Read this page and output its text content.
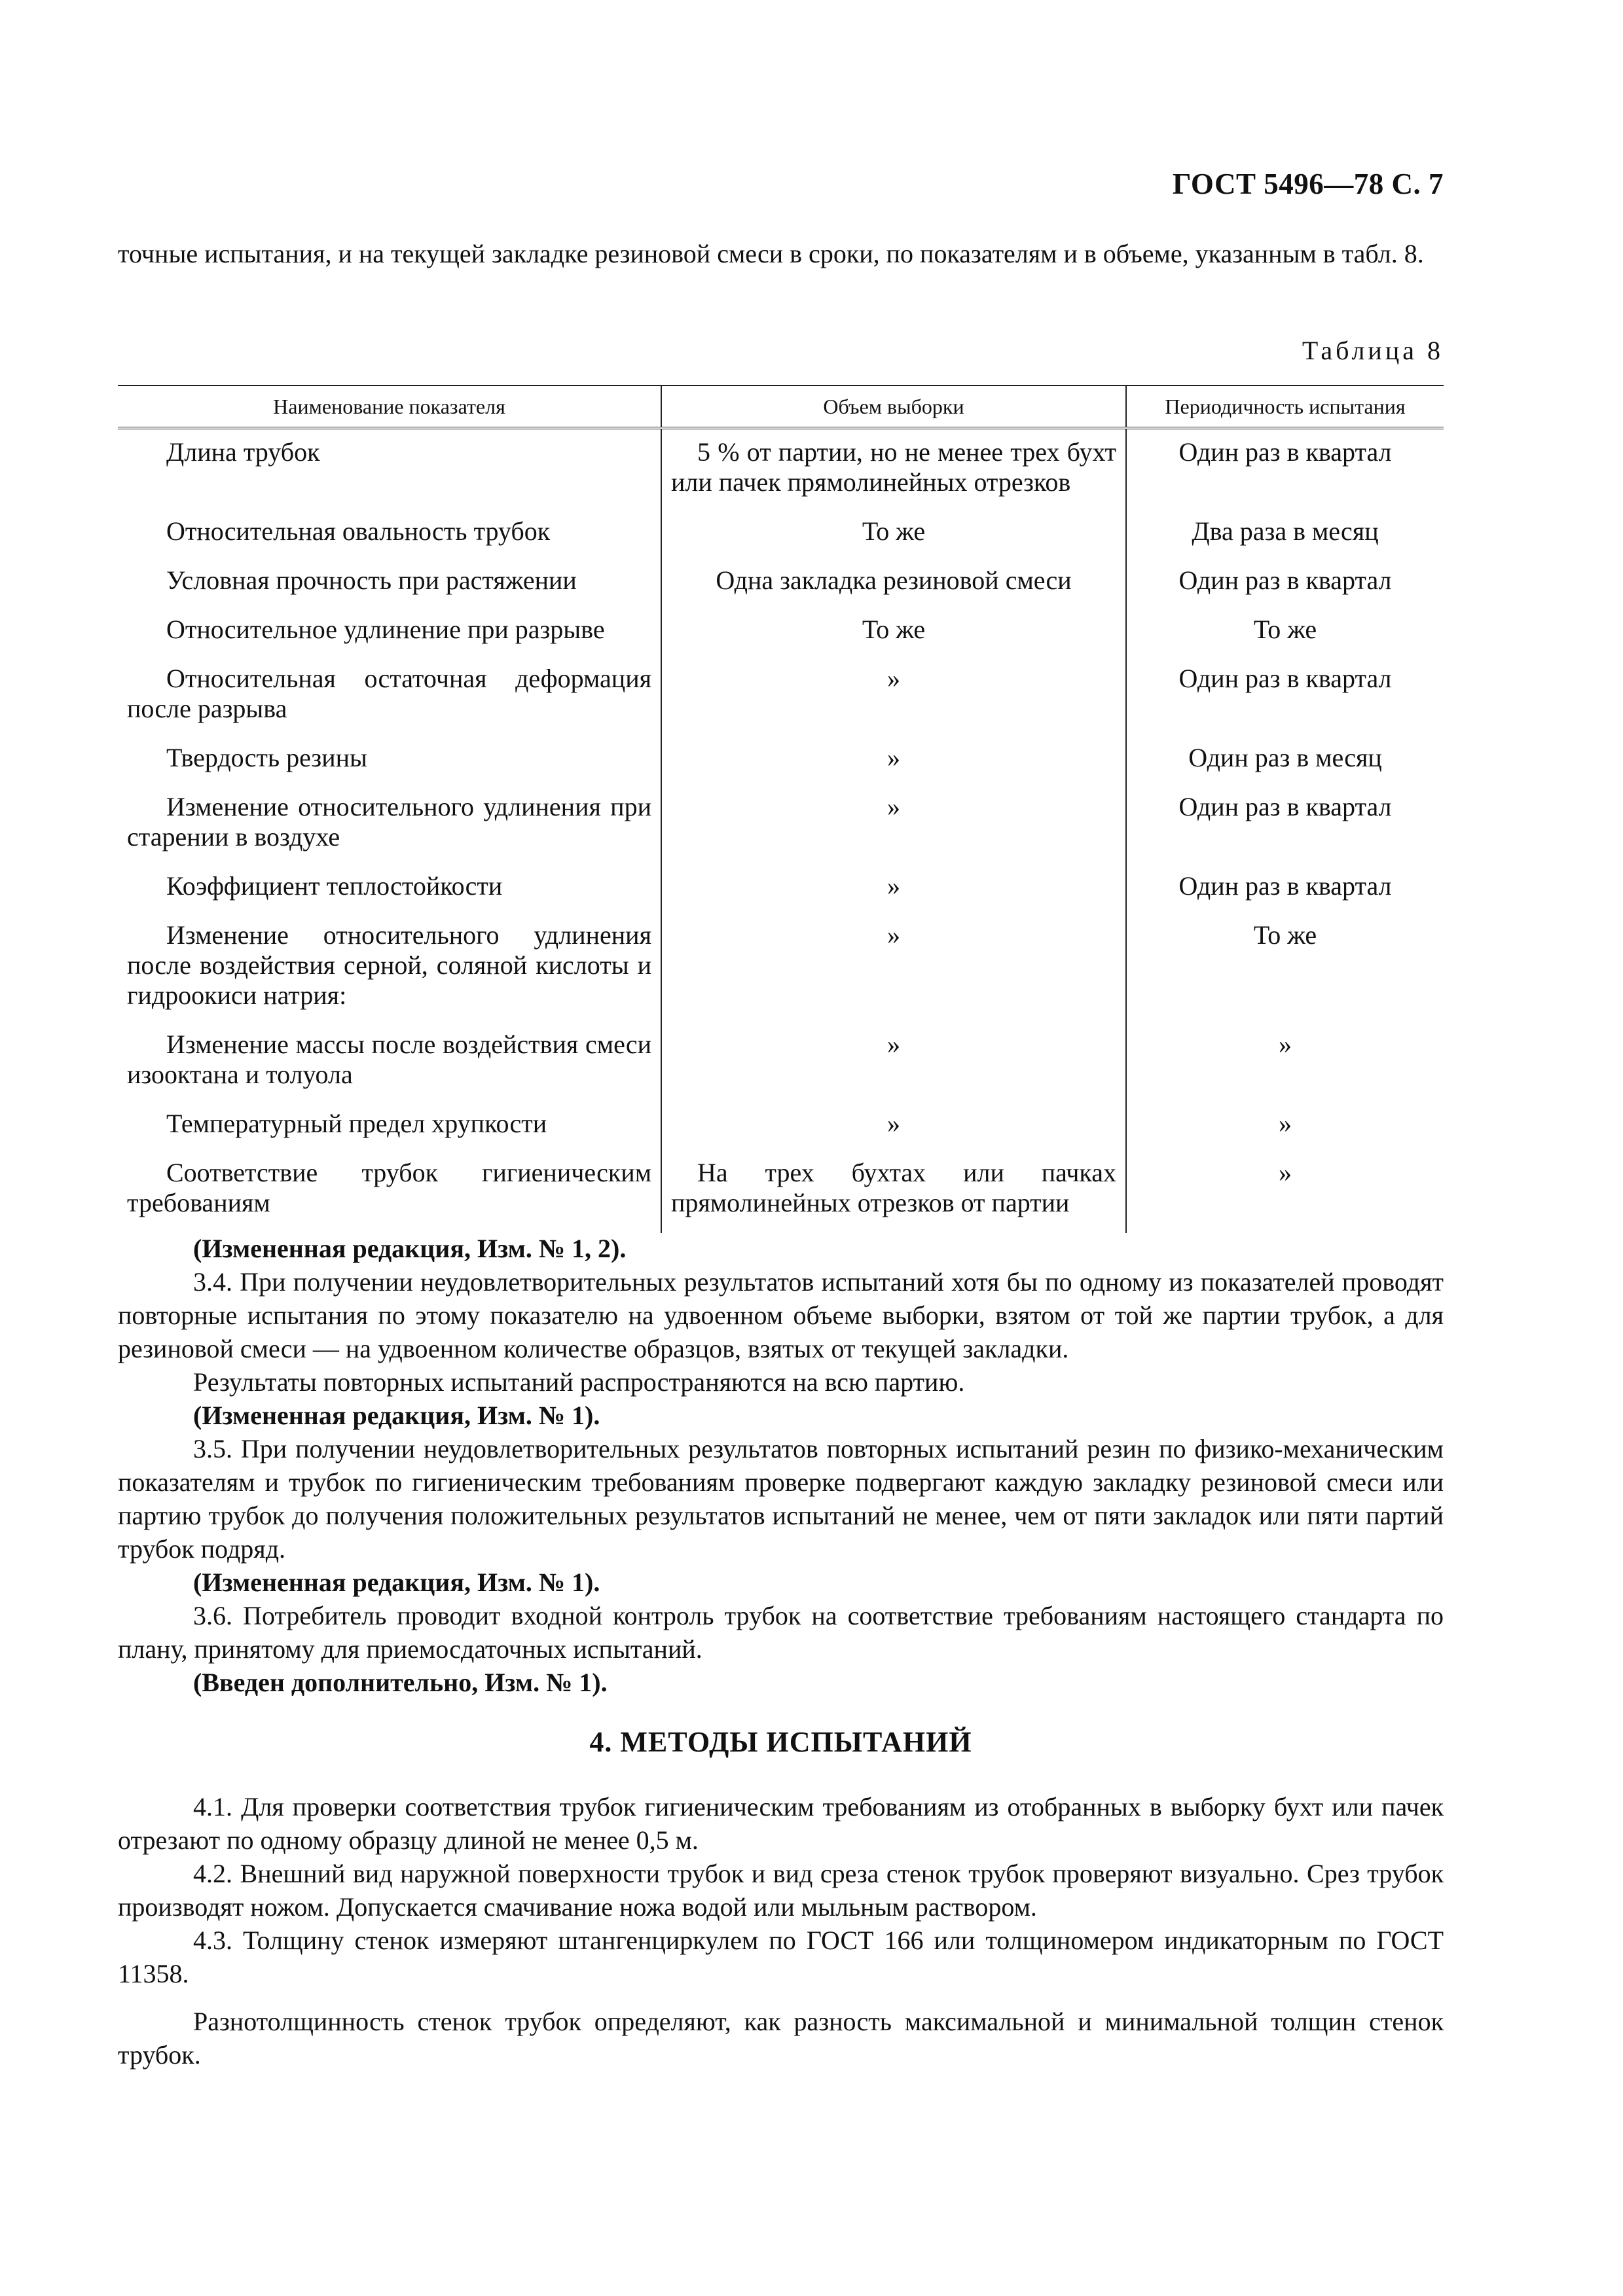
ГОСТ 5496—78 С. 7

точные испытания, и на текущей закладке резиновой смеси в сроки, по показателям и в объеме, указанным в табл. 8.

Таблица 8
Наименование показателя	Объем выборки	Периодичность испытания

Длина трубок	5 % от партии, но не менее трех бухт или пачек прямолинейных отрезков	Один раз в квартал

Относительная овальность трубок	То же	Два раза в месяц

Условная прочность при растяжении	Одна закладка резиновой смеси	Один раз в квартал

Относительное удлинение при разрыве	То же	То же

Относительная остаточная деформация после разрыва	»	Один раз в квартал

Твердость резины	»	Один раз в месяц

Изменение относительного удлинения при старении в воздухе	»	Один раз в квартал

Коэффициент теплостойкости	»	Один раз в квартал

Изменение относительного удлинения после воздействия серной, соляной кислоты и гидроокиси натрия:	»	То же

Изменение массы после воздействия смеси изооктана и толуола	»	»

Температурный предел хрупкости	»	»

Соответствие трубок гигиеническим требованиям	На трех бухтах или пачках прямолинейных отрезков от партии	»

(Измененная редакция, Изм. № 1, 2).

3.4. При получении неудовлетворительных результатов испытаний хотя бы по одному из показателей проводят повторные испытания по этому показателю на удвоенном объеме выборки, взятом от той же партии трубок, а для резиновой смеси — на удвоенном количестве образцов, взятых от текущей закладки.

Результаты повторных испытаний распространяются на всю партию.

(Измененная редакция, Изм. № 1).

3.5. При получении неудовлетворительных результатов повторных испытаний резин по физико-механическим показателям и трубок по гигиеническим требованиям проверке подвергают каждую закладку резиновой смеси или партию трубок до получения положительных результатов испытаний не менее, чем от пяти закладок или пяти партий трубок подряд.

(Измененная редакция, Изм. № 1).

3.6. Потребитель проводит входной контроль трубок на соответствие требованиям настоящего стандарта по плану, принятому для приемосдаточных испытаний.

(Введен дополнительно, Изм. № 1).

4. МЕТОДЫ ИСПЫТАНИЙ

4.1. Для проверки соответствия трубок гигиеническим требованиям из отобранных в выборку бухт или пачек отрезают по одному образцу длиной не менее 0,5 м.

4.2. Внешний вид наружной поверхности трубок и вид среза стенок трубок проверяют визуально. Срез трубок производят ножом. Допускается смачивание ножа водой или мыльным раствором.

4.3. Толщину стенок измеряют штангенциркулем по ГОСТ 166 или толщиномером индикаторным по ГОСТ 11358.

Разнотолщинность стенок трубок определяют, как разность максимальной и минимальной толщин стенок трубок.
